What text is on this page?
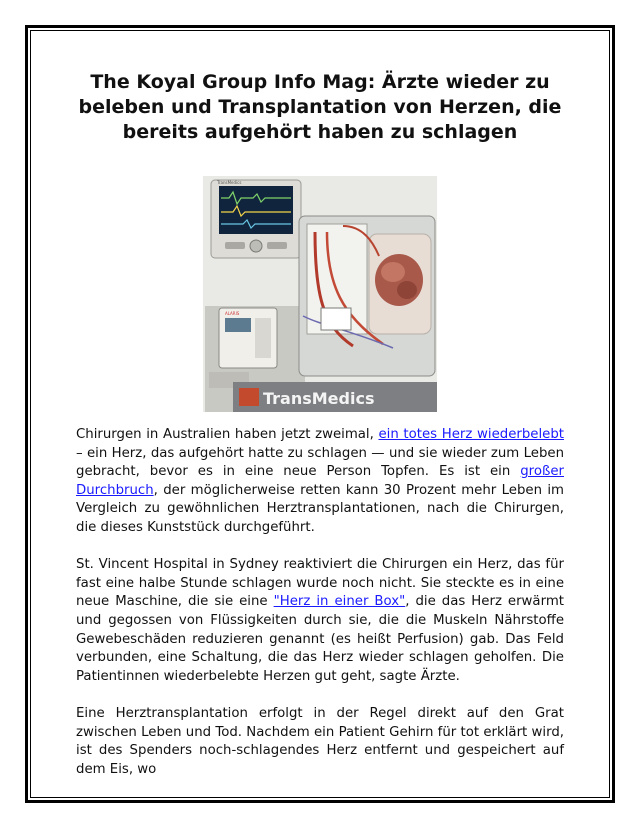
The Koyal Group Info Mag: Ärzte wieder zu beleben und Transplantation von Herzen, die bereits aufgehört haben zu schlagen
TransMedics
ALARIS
TransMedics

Chirurgen in Australien haben jetzt zweimal, ein totes Herz wiederbelebt – ein Herz, das aufgehört hatte zu schlagen — und sie wieder zum Leben gebracht, bevor es in eine neue Person Topfen. Es ist ein großer Durchbruch, der möglicherweise retten kann 30 Prozent mehr Leben im Vergleich zu gewöhnlichen Herztransplantationen, nach die Chirurgen, die dieses Kunststück durchgeführt.

St. Vincent Hospital in Sydney reaktiviert die Chirurgen ein Herz, das für fast eine halbe Stunde schlagen wurde noch nicht. Sie steckte es in eine neue Maschine, die sie eine "Herz in einer Box", die das Herz erwärmt und gegossen von Flüssigkeiten durch sie, die die Muskeln Nährstoffe Gewebeschäden reduzieren genannt (es heißt Perfusion) gab. Das Feld verbunden, eine Schaltung, die das Herz wieder schlagen geholfen. Die Patientinnen wiederbelebte Herzen gut geht, sagte Ärzte.

Eine Herztransplantation erfolgt in der Regel direkt auf den Grat zwischen Leben und Tod. Nachdem ein Patient Gehirn für tot erklärt wird, ist des Spenders noch-schlagendes Herz entfernt und gespeichert auf dem Eis, wo
